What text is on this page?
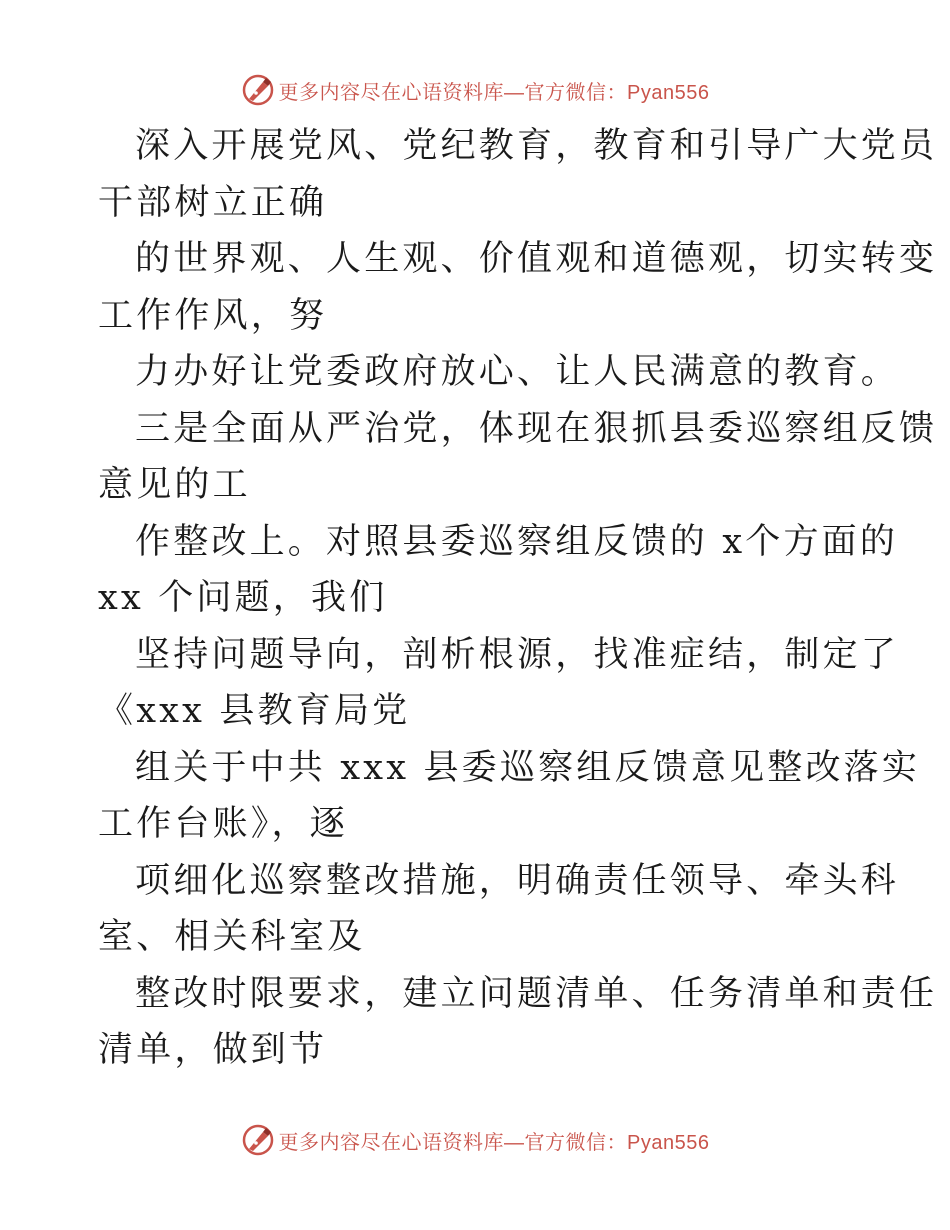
更多内容尽在心语资料库—官方微信：Pyan556
深入开展党风、党纪教育，教育和引导广大党员
干部树立正确
的世界观、人生观、价值观和道德观，切实转变
工作作风，努
力办好让党委政府放心、让人民满意的教育。
三是全面从严治党，体现在狠抓县委巡察组反馈
意见的工
作整改上。对照县委巡察组反馈的 x个方面的
xx 个问题，我们
坚持问题导向，剖析根源，找准症结，制定了
《xxx 县教育局党
组关于中共 xxx 县委巡察组反馈意见整改落实
工作台账》，逐
项细化巡察整改措施，明确责任领导、牵头科
室、相关科室及
整改时限要求，建立问题清单、任务清单和责任
清单，做到节
更多内容尽在心语资料库—官方微信：Pyan556
